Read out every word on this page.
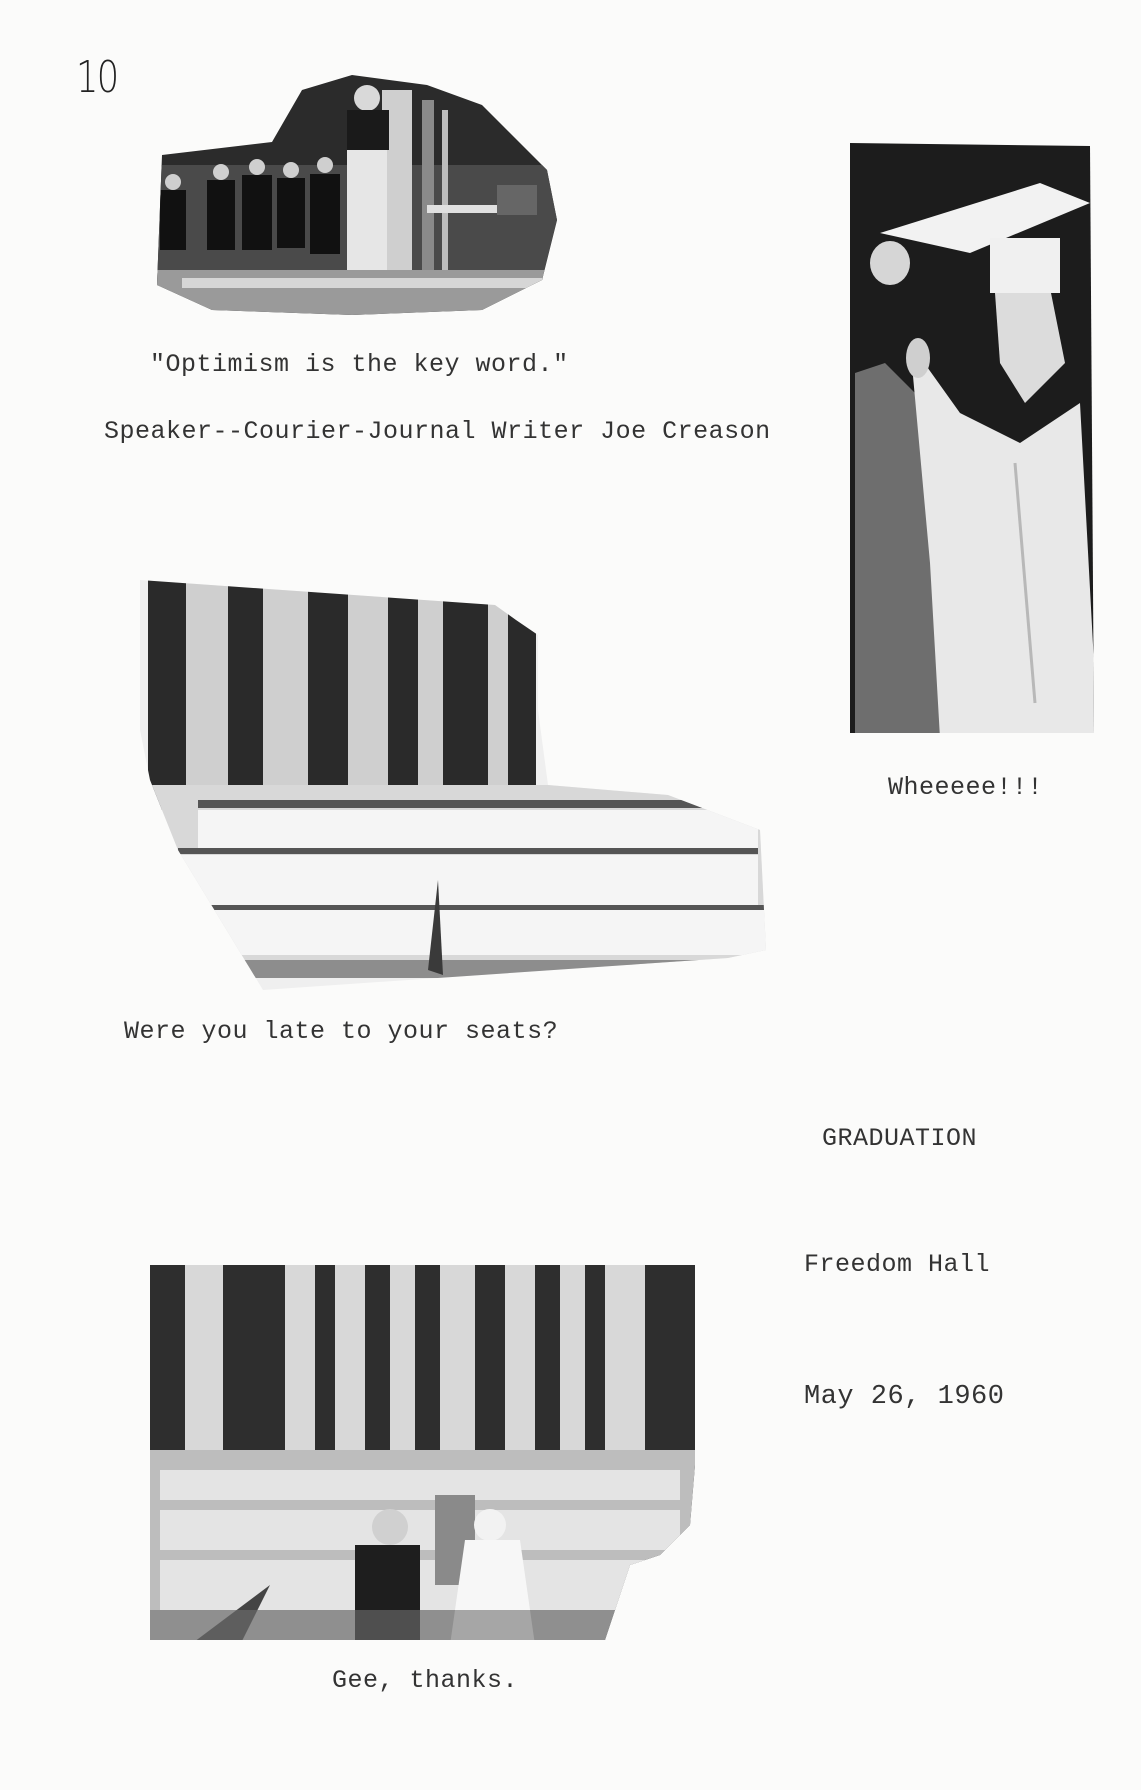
10
"Optimism is the key word."
Speaker--Courier-Journal Writer Joe Creason
Wheeeee!!!
Were you late to your seats?
GRADUATION
Freedom Hall
May 26, 1960
Gee, thanks.
